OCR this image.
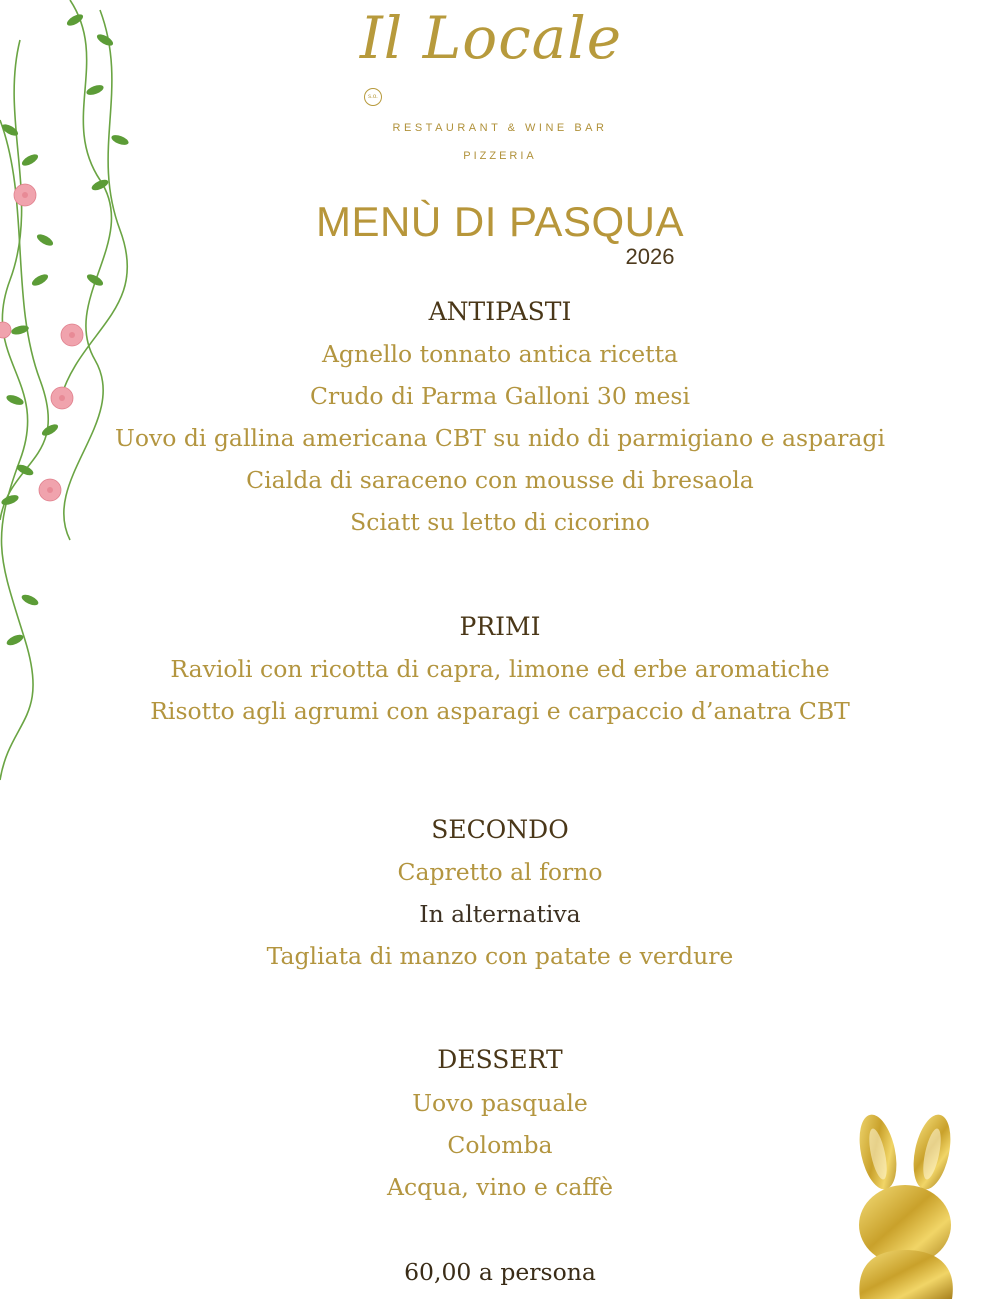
Il Locale
s.o.
RESTAURANT & WINE BAR
PIZZERIA
MENÙ DI PASQUA
2026
ANTIPASTI
Agnello tonnato antica ricetta
Crudo di Parma Galloni 30 mesi
Uovo di gallina americana CBT su nido di parmigiano e asparagi
Cialda di saraceno con mousse di bresaola
Sciatt su letto di cicorino
PRIMI
Ravioli con ricotta di capra, limone ed erbe aromatiche
Risotto agli agrumi con asparagi e carpaccio d’anatra CBT
SECONDO
Capretto al forno
In alternativa
Tagliata di manzo con patate e verdure
DESSERT
Uovo pasquale
Colomba
Acqua, vino e caffè
60,00 a persona
